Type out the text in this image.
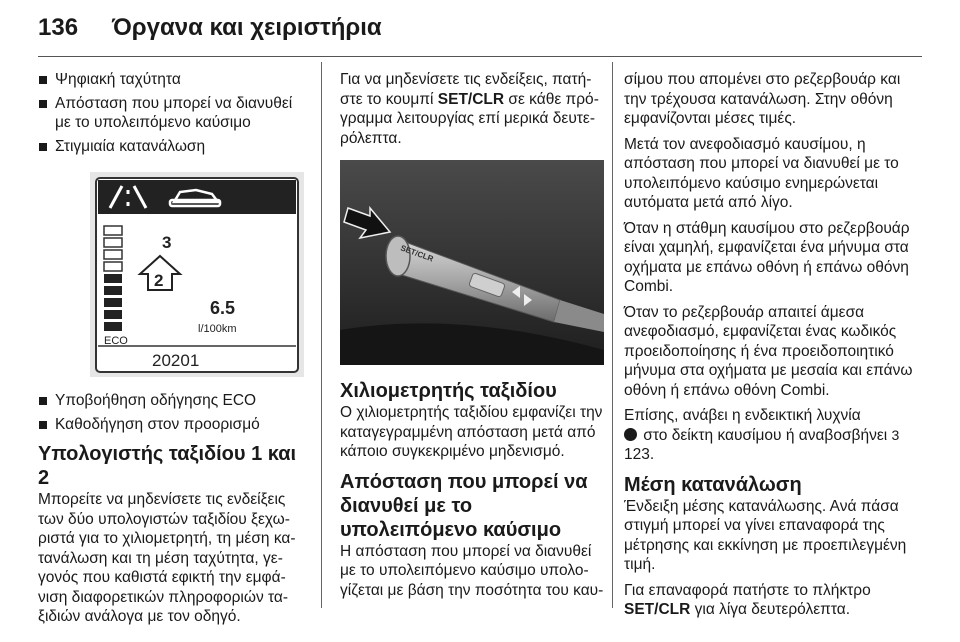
136 Όργανα και χειριστήρια
Ψηφιακή ταχύτητα
Απόσταση που μπορεί να διανυθεί με το υπολειπόμενο καύσιμο
Στιγμιαία κατανάλωση
ECO
3
2
6.5
l/100km
20201
Υποβοήθηση οδήγησης ECO
Καθοδήγηση στον προορισμό
Υπολογιστής ταξιδίου 1 και 2
Μπορείτε να μηδενίσετε τις ενδείξεις των δύο υπολογιστών ταξιδίου ξεχωριστά για το χιλιομετρητή, τη μέση κατανάλωση και τη μέση ταχύτητα, γεγονός που καθιστά εφικτή την εμφάνιση διαφορετικών πληροφοριών ταξιδιών ανάλογα με τον οδηγό.
Για να μηδενίσετε τις ενδείξεις, πατήστε το κουμπί SET/CLR σε κάθε πρόγραμμα λειτουργίας επί μερικά δευτερόλεπτα.
SET/CLR
Χιλιομετρητής ταξιδίου
Ο χιλιομετρητής ταξιδίου εμφανίζει την καταγεγραμμένη απόσταση μετά από κάποιο συγκεκριμένο μηδενισμό.
Απόσταση που μπορεί να διανυθεί με το υπολειπόμενο καύσιμο
Η απόσταση που μπορεί να διανυθεί με το υπολειπόμενο καύσιμο υπολογίζεται με βάση την ποσότητα του καυ-
σίμου που απομένει στο ρεζερβουάρ και την τρέχουσα κατανάλωση. Στην οθόνη εμφανίζονται μέσες τιμές.
Μετά τον ανεφοδιασμό καυσίμου, η απόσταση που μπορεί να διανυθεί με το υπολειπόμενο καύσιμο ενημερώνεται αυτόματα μετά από λίγο.
Όταν η στάθμη καυσίμου στο ρεζερβουάρ είναι χαμηλή, εμφανίζεται ένα μήνυμα στα οχήματα με επάνω οθόνη ή επάνω οθόνη Combi.
Όταν το ρεζερβουάρ απαιτεί άμεσα ανεφοδιασμό, εμφανίζεται ένας κωδικός προειδοποίησης ή ένα προειδοποιητικό μήνυμα στα οχήματα με μεσαία και επάνω οθόνη ή επάνω οθόνη Combi.
Επίσης, ανάβει η ενδεικτική λυχνία
στο δείκτη καυσίμου ή αναβοσβήνει 3 123.
Μέση κατανάλωση
Ένδειξη μέσης κατανάλωσης. Ανά πάσα στιγμή μπορεί να γίνει επαναφορά της μέτρησης και εκκίνηση με προεπιλεγμένη τιμή.
Για επαναφορά πατήστε το πλήκτρο SET/CLR για λίγα δευτερόλεπτα.
